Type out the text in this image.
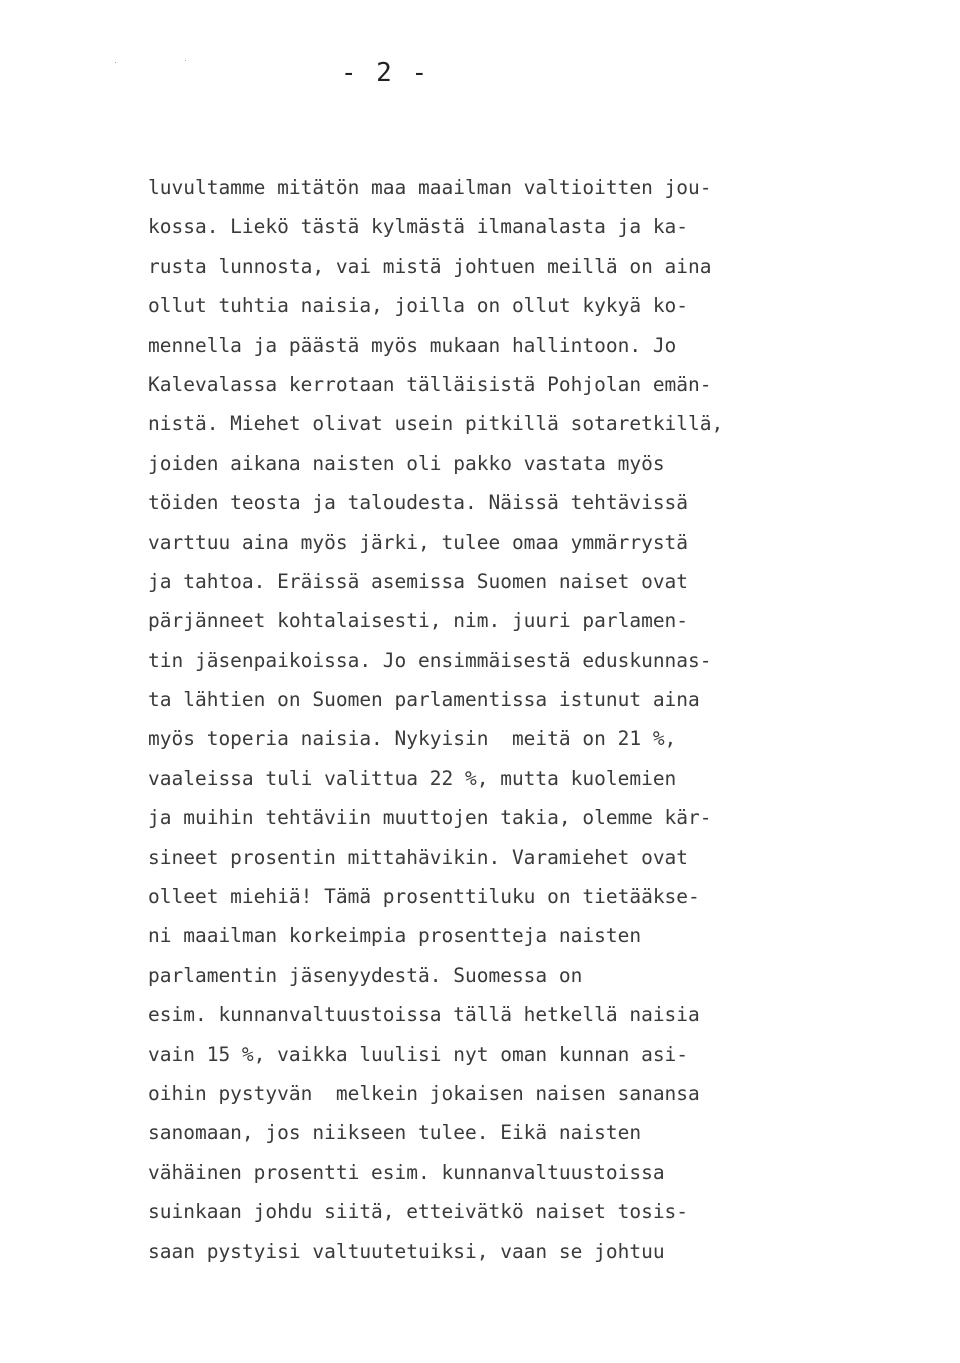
- 2 -
luvultamme mitätön maa maailman valtioitten jou-
kossa. Liekö tästä kylmästä ilmanalasta ja ka-
rusta lunnosta, vai mistä johtuen meillä on aina
ollut tuhtia naisia, joilla on ollut kykyä ko-
mennella ja päästä myös mukaan hallintoon. Jo
Kalevalassa kerrotaan tälläisistä Pohjolan emän-
nistä. Miehet olivat usein pitkillä sotaretkillä,
joiden aikana naisten oli pakko vastata myös
töiden teosta ja taloudesta. Näissä tehtävissä
varttuu aina myös järki, tulee omaa ymmärrystä
ja tahtoa. Eräissä asemissa Suomen naiset ovat
pärjänneet kohtalaisesti, nim. juuri parlamen-
tin jäsenpaikoissa. Jo ensimmäisestä eduskunnas-
ta lähtien on Suomen parlamentissa istunut aina
myös toperia naisia. Nykyisin  meitä on 21 %,
vaaleissa tuli valittua 22 %, mutta kuolemien
ja muihin tehtäviin muuttojen takia, olemme kär-
sineet prosentin mittahävikin. Varamiehet ovat
olleet miehiä! Tämä prosenttiluku on tietääkse-
ni maailman korkeimpia prosentteja naisten
parlamentin jäsenyydestä. Suomessa on
esim. kunnanvaltuustoissa tällä hetkellä naisia
vain 15 %, vaikka luulisi nyt oman kunnan asi-
oihin pystyvän  melkein jokaisen naisen sanansa
sanomaan, jos niikseen tulee. Eikä naisten
vähäinen prosentti esim. kunnanvaltuustoissa
suinkaan johdu siitä, etteivätkö naiset tosis-
saan pystyisi valtuutetuiksi, vaan se johtuu
